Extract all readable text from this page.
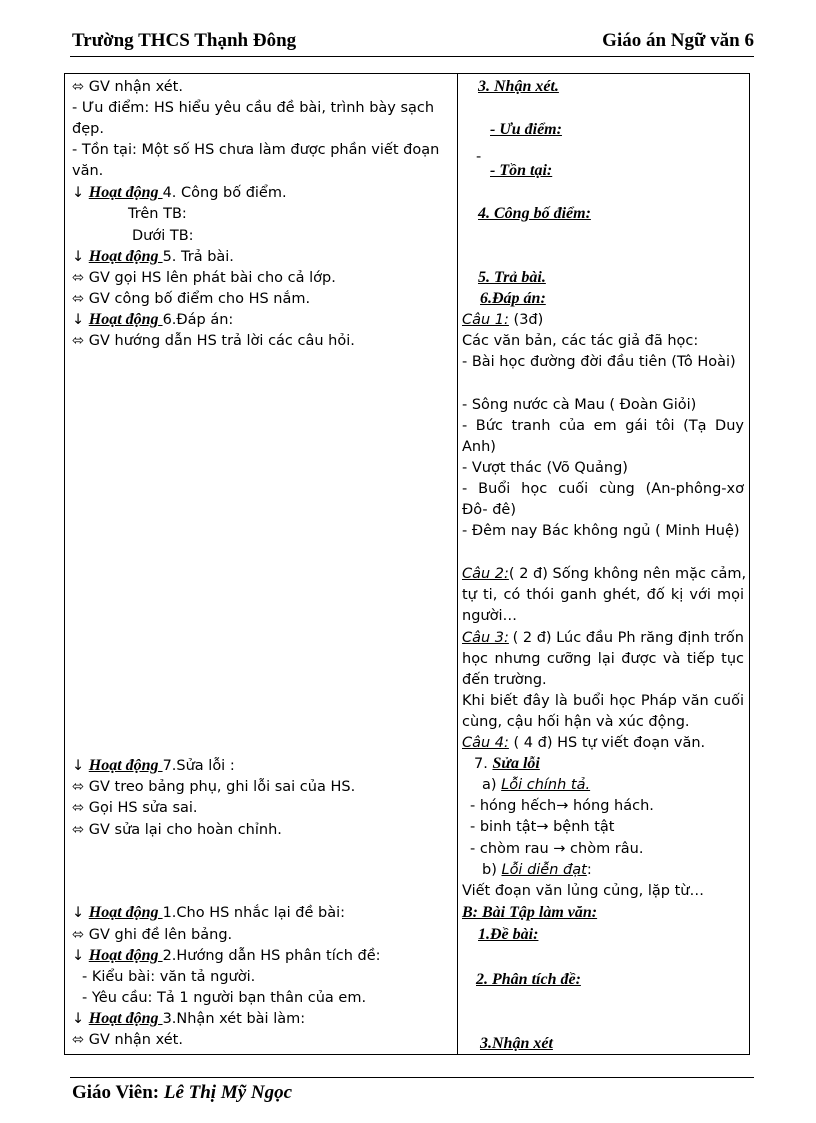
Trường THCS Thạnh Đông	Giáo án Ngữ văn 6
⬄ GV nhận xét.
- Ưu điểm: HS hiểu yêu cầu đề bài, trình bày sạch
đẹp.
- Tồn tại: Một số HS chưa làm được phần viết đoạn
văn.
↓ Hoạt động 4. Công bố điểm.
Trên TB:
Dưới TB:
↓ Hoạt động 5. Trả bài.
⬄ GV gọi HS lên phát bài cho cả lớp.
⬄ GV công bố điểm cho HS nắm.
↓ Hoạt động 6.Đáp án:
⬄ GV hướng dẫn HS trả lời các câu hỏi.
↓ Hoạt động 7.Sửa lỗi :
⬄ GV treo bảng phụ, ghi lỗi sai của HS.
⬄ Gọi HS sửa sai.
⬄ GV sửa lại cho hoàn chỉnh.
↓ Hoạt động 1.Cho HS nhắc lại đề bài:
⬄ GV ghi đề lên bảng.
↓ Hoạt động 2.Hướng dẫn HS phân tích đề:
- Kiểu bài: văn tả người.
- Yêu cầu: Tả 1 người bạn thân của em.
↓ Hoạt động 3.Nhận xét bài làm:
⬄ GV nhận xét.
3. Nhận xét.
- Ưu điểm:
-
- Tồn tại:
4. Công bố điểm:
5. Trả bài.
6.Đáp án:
Câu 1: (3đ)
Các văn bản, các tác giả đã học:
- Bài học đường đời đầu tiên (Tô Hoài)
- Sông nước cà Mau ( Đoàn Giỏi)
- Bức tranh của em gái tôi (Tạ Duy
Anh)
- Vượt thác (Võ Quảng)
- Buổi học cuối cùng (An-phông-xơ
Đô- đê)
- Đêm nay Bác không ngủ ( Minh Huệ)
Câu 2: ( 2 đ) Sống không nên mặc cảm,
tự ti, có thói ganh ghét, đố kị với mọi
người…
Câu 3: ( 2 đ) Lúc đầu Ph răng định trốn
học nhưng cưỡng lại được và tiếp tục
đến trường.
Khi biết đây là buổi học Pháp văn cuối
cùng, cậu hối hận và xúc động.
Câu 4: ( 4 đ) HS tự viết đoạn văn.
7. Sửa lỗi
a) Lỗi chính tả.
- hóng hếch→ hóng hách.
- binh tật→ bệnh tật
- chòm rau → chòm râu.
b) Lỗi diễn đạt:
Viết đoạn văn lủng củng, lặp từ…
B: Bài Tập làm văn:
1.Đề bài:
2. Phân tích đề:
3.Nhận xét
Giáo Viên: Lê Thị Mỹ Ngọc
